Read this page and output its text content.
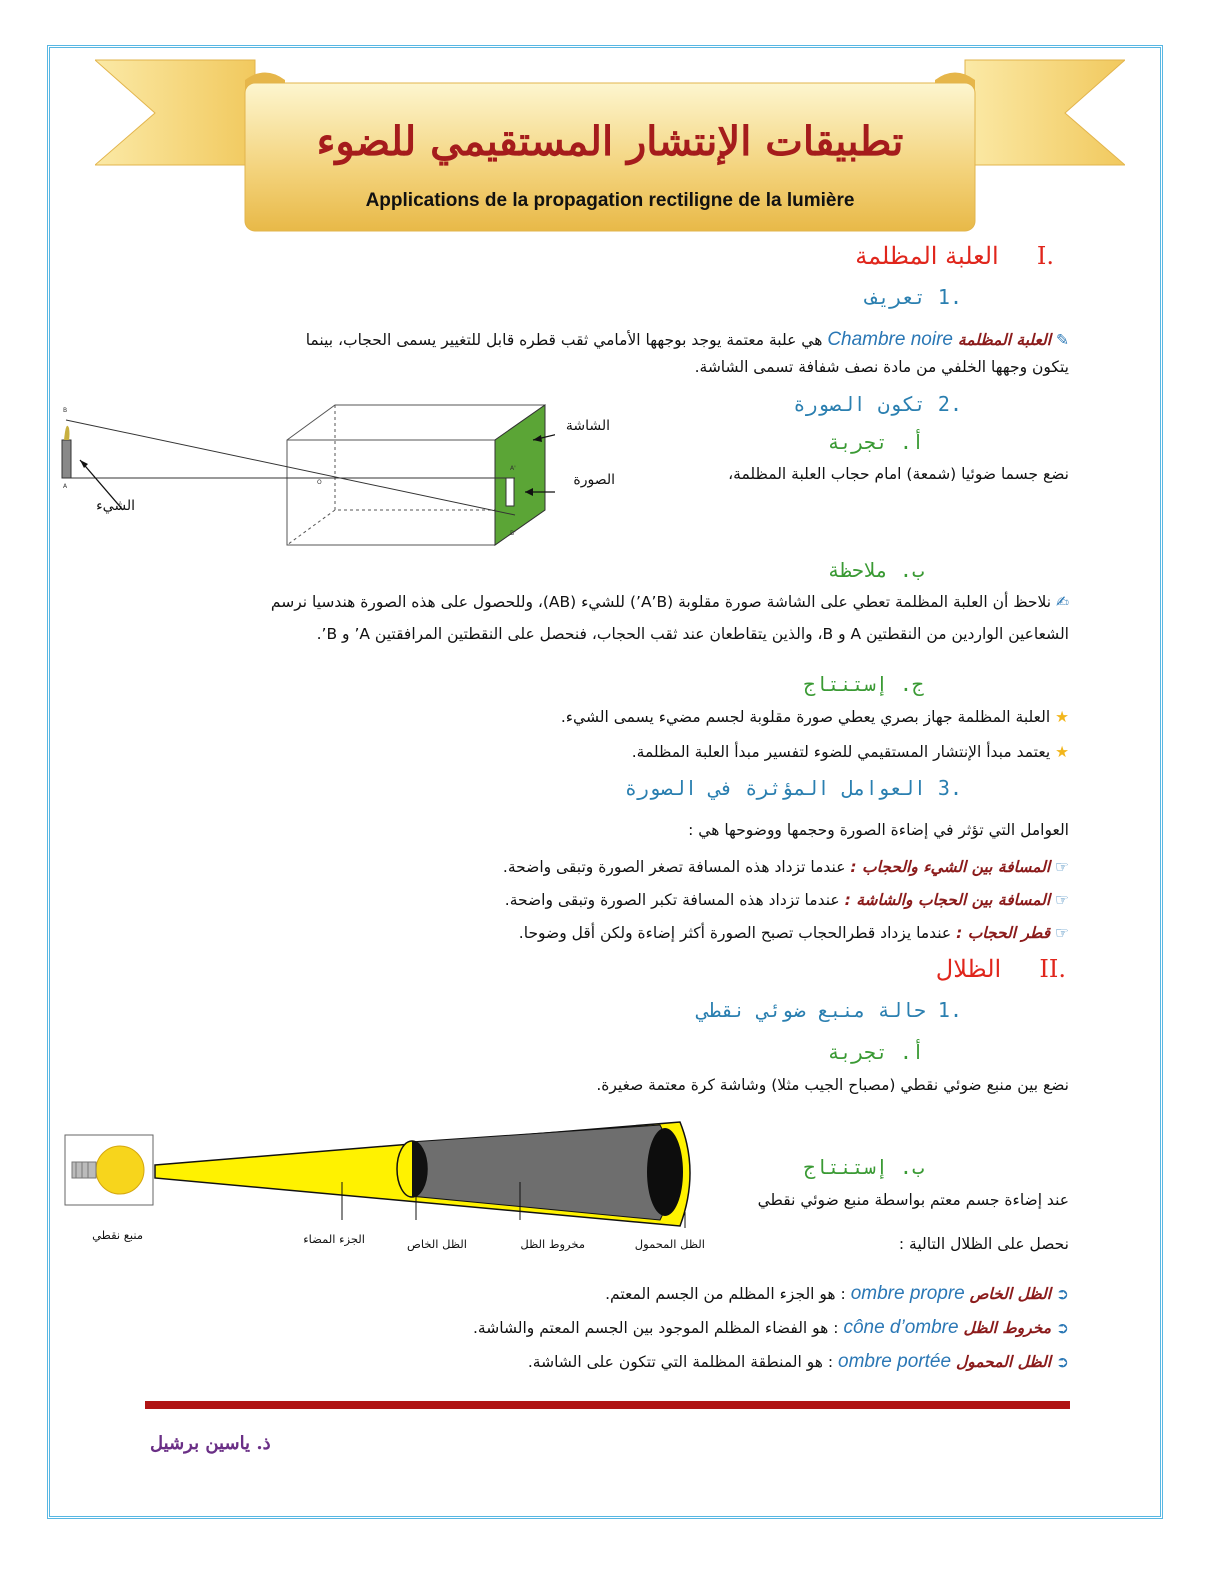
تطبيقات الإنتشار المستقيمي للضوء
Applications de la propagation rectiligne de la lumière
.I     العلبة المظلمة
.1 تعريف
✎ العلبة المظلمة Chambre noire هي علبة معتمة يوجد بوجهها الأمامي ثقب قطره قابل للتغيير يسمى الحجاب، بينما
يتكون وجهها الخلفي من مادة نصف شفافة تسمى الشاشة.
.2 تكون الصورة
أ. تجربة
نضع جسما ضوئيا (شمعة) امام حجاب العلبة المظلمة،
B
A
A'
B'
O
الشاشة
الصورة
الشيء
ب. ملاحظة
✍ نلاحظ أن العلبة المظلمة تعطي على الشاشة صورة مقلوبة (A’B’) للشيء (AB)، وللحصول على هذه الصورة هندسيا نرسم
الشعاعين الواردين من النقطتين A و B، والذين يتقاطعان عند ثقب الحجاب، فنحصل على النقطتين المرافقتين A’ و B’.
ج. إستنتاج
★ العلبة المظلمة جهاز بصري يعطي صورة مقلوبة لجسم مضيء يسمى الشيء.
★ يعتمد مبدأ الإنتشار المستقيمي للضوء لتفسير مبدأ العلبة المظلمة.
.3 العوامل المؤثرة في الصورة
العوامل التي تؤثر في إضاءة الصورة وحجمها ووضوحها هي :
☞ المسافة بين الشيء والحجاب : عندما تزداد هذه المسافة تصغر الصورة وتبقى واضحة.
☞ المسافة بين الحجاب والشاشة : عندما تزداد هذه المسافة تكبر الصورة وتبقى واضحة.
☞ قطر الحجاب : عندما يزداد قطرالحجاب تصبح الصورة أكثر إضاءة ولكن أقل وضوحا.
.II     الظلال
.1 حالة منبع ضوئي نقطي
أ. تجربة
نضع بين منبع ضوئي نقطي (مصباح الجيب مثلا) وشاشة كرة معتمة صغيرة.
منبع نقطي	الجزء المضاء	الظل الخاص	مخروط الظل	الظل المحمول
ب. إستنتاج
عند إضاءة جسم معتم بواسطة منبع ضوئي نقطي
نحصل على الظلال التالية :
➲ الظل الخاص ombre propre : هو الجزء المظلم من الجسم المعتم.
➲ مخروط الظل cône d’ombre : هو الفضاء المظلم الموجود بين الجسم المعتم والشاشة.
➲ الظل المحمول ombre portée : هو المنطقة المظلمة التي تتكون على الشاشة.
ذ. ياسين برشيل
